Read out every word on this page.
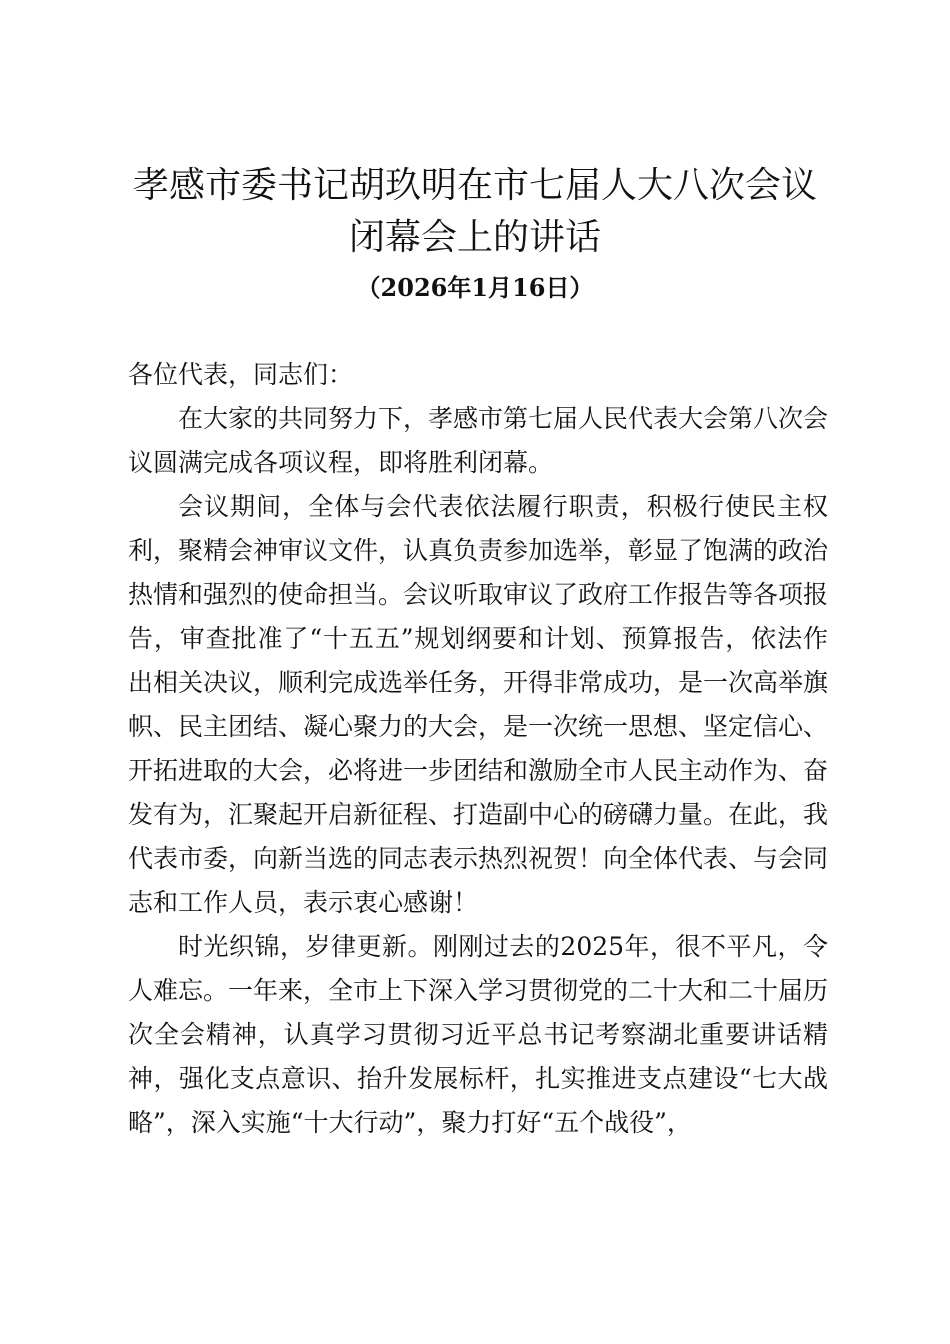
孝感市委书记胡玖明在市七届人大八次会议
闭幕会上的讲话
（2026年1月16日）

各位代表，同志们：

在大家的共同努力下，孝感市第七届人民代表大会第八次会议圆满完成各项议程，即将胜利闭幕。

会议期间，全体与会代表依法履行职责，积极行使民主权利，聚精会神审议文件，认真负责参加选举，彰显了饱满的政治热情和强烈的使命担当。会议听取审议了政府工作报告等各项报告，审查批准了“十五五”规划纲要和计划、预算报告，依法作出相关决议，顺利完成选举任务，开得非常成功，是一次高举旗帜、民主团结、凝心聚力的大会，是一次统一思想、坚定信心、开拓进取的大会，必将进一步团结和激励全市人民主动作为、奋发有为，汇聚起开启新征程、打造副中心的磅礴力量。在此，我代表市委，向新当选的同志表示热烈祝贺！向全体代表、与会同志和工作人员，表示衷心感谢！

时光织锦，岁律更新。刚刚过去的2025年，很不平凡，令人难忘。一年来，全市上下深入学习贯彻党的二十大和二十届历次全会精神，认真学习贯彻习近平总书记考察湖北重要讲话精神，强化支点意识、抬升发展标杆，扎实推进支点建设“七大战略”，深入实施“十大行动”，聚力打好“五个战役”，
